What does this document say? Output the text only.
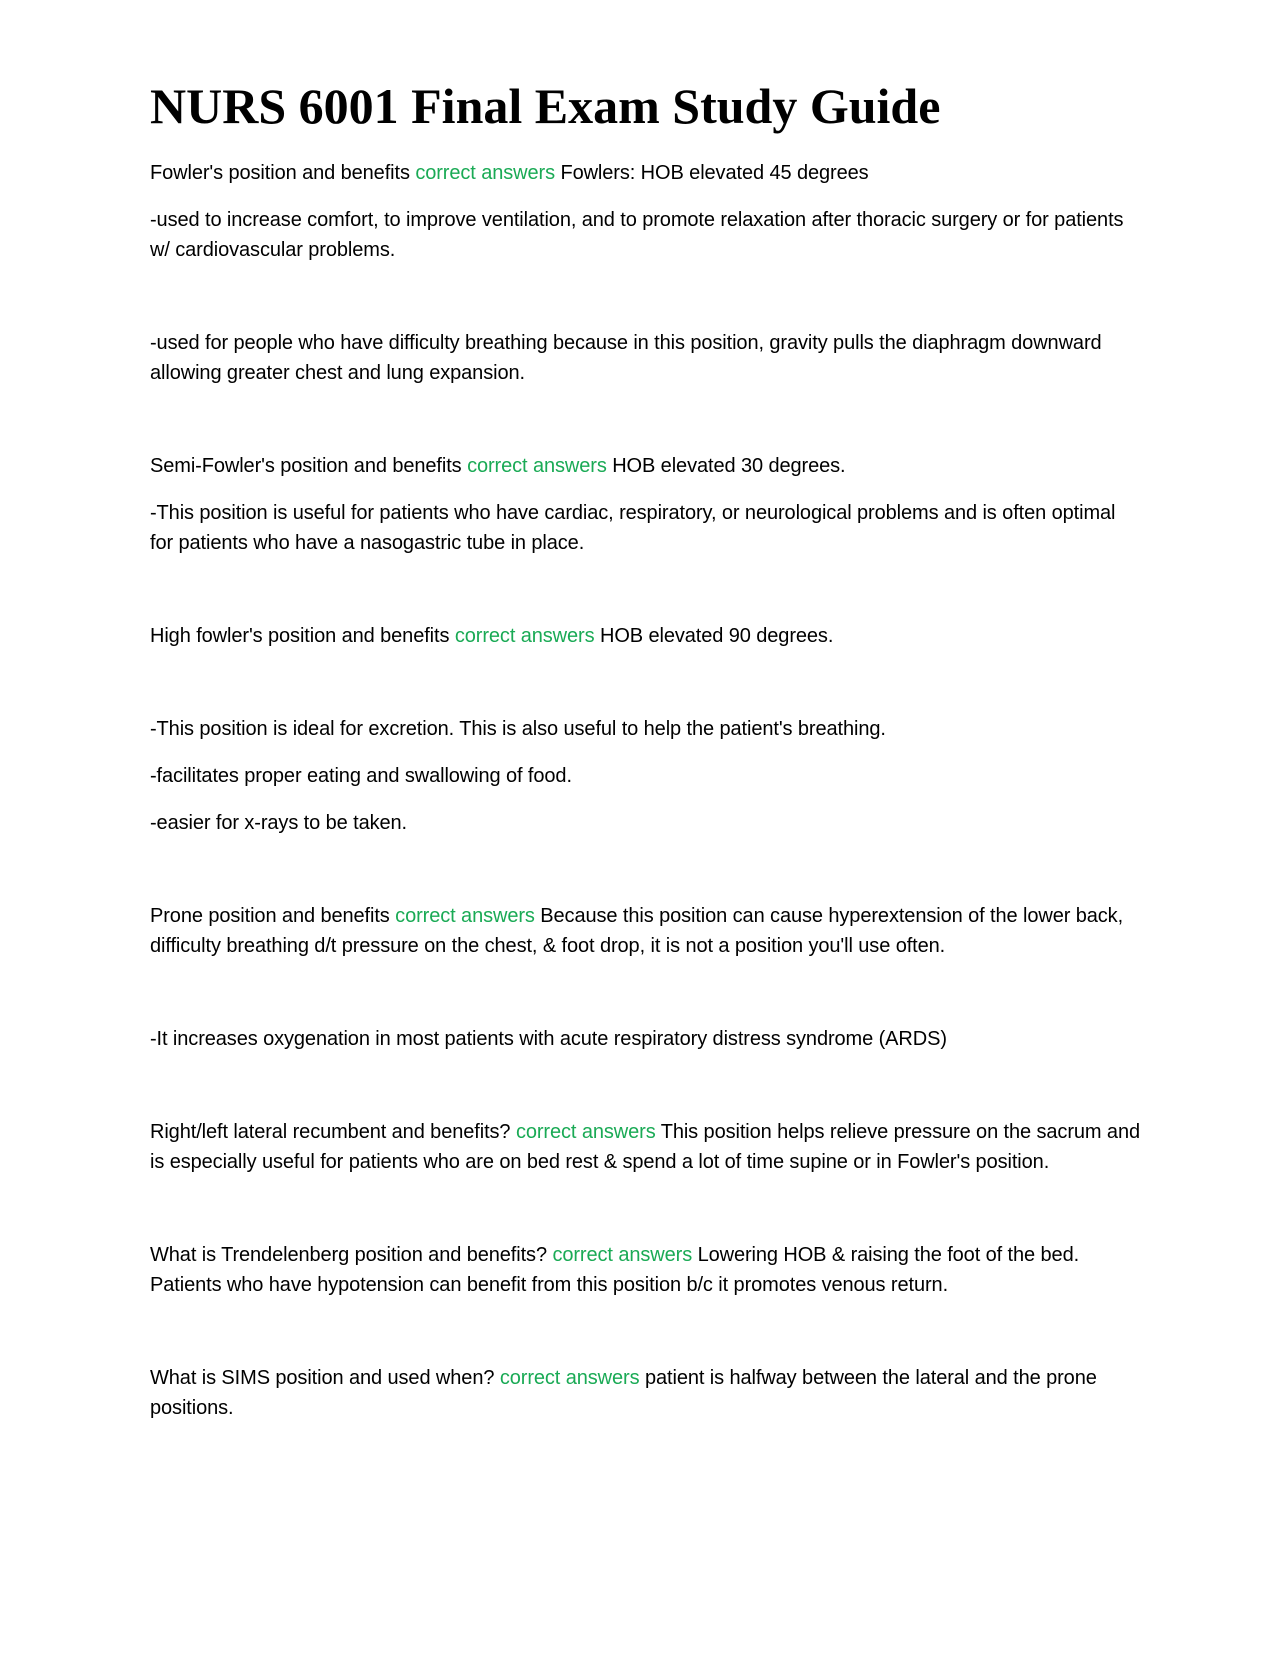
NURS 6001 Final Exam Study Guide

Fowler's position and benefits correct answers Fowlers: HOB elevated 45 degrees

-used to increase comfort, to improve ventilation, and to promote relaxation after thoracic surgery or for patients w/ cardiovascular problems.

-used for people who have difficulty breathing because in this position, gravity pulls the diaphragm downward allowing greater chest and lung expansion.

Semi-Fowler's position and benefits correct answers HOB elevated 30 degrees.

-This position is useful for patients who have cardiac, respiratory, or neurological problems and is often optimal for patients who have a nasogastric tube in place.

High fowler's position and benefits correct answers HOB elevated 90 degrees.

-This position is ideal for excretion. This is also useful to help the patient's breathing.

-facilitates proper eating and swallowing of food.

-easier for x-rays to be taken.

Prone position and benefits correct answers Because this position can cause hyperextension of the lower back, difficulty breathing d/t pressure on the chest, & foot drop, it is not a position you'll use often.

-It increases oxygenation in most patients with acute respiratory distress syndrome (ARDS)

Right/left lateral recumbent and benefits? correct answers This position helps relieve pressure on the sacrum and is especially useful for patients who are on bed rest & spend a lot of time supine or in Fowler's position.

What is Trendelenberg position and benefits? correct answers Lowering HOB & raising the foot of the bed. Patients who have hypotension can benefit from this position b/c it promotes venous return.

What is SIMS position and used when? correct answers patient is halfway between the lateral and the prone positions.
